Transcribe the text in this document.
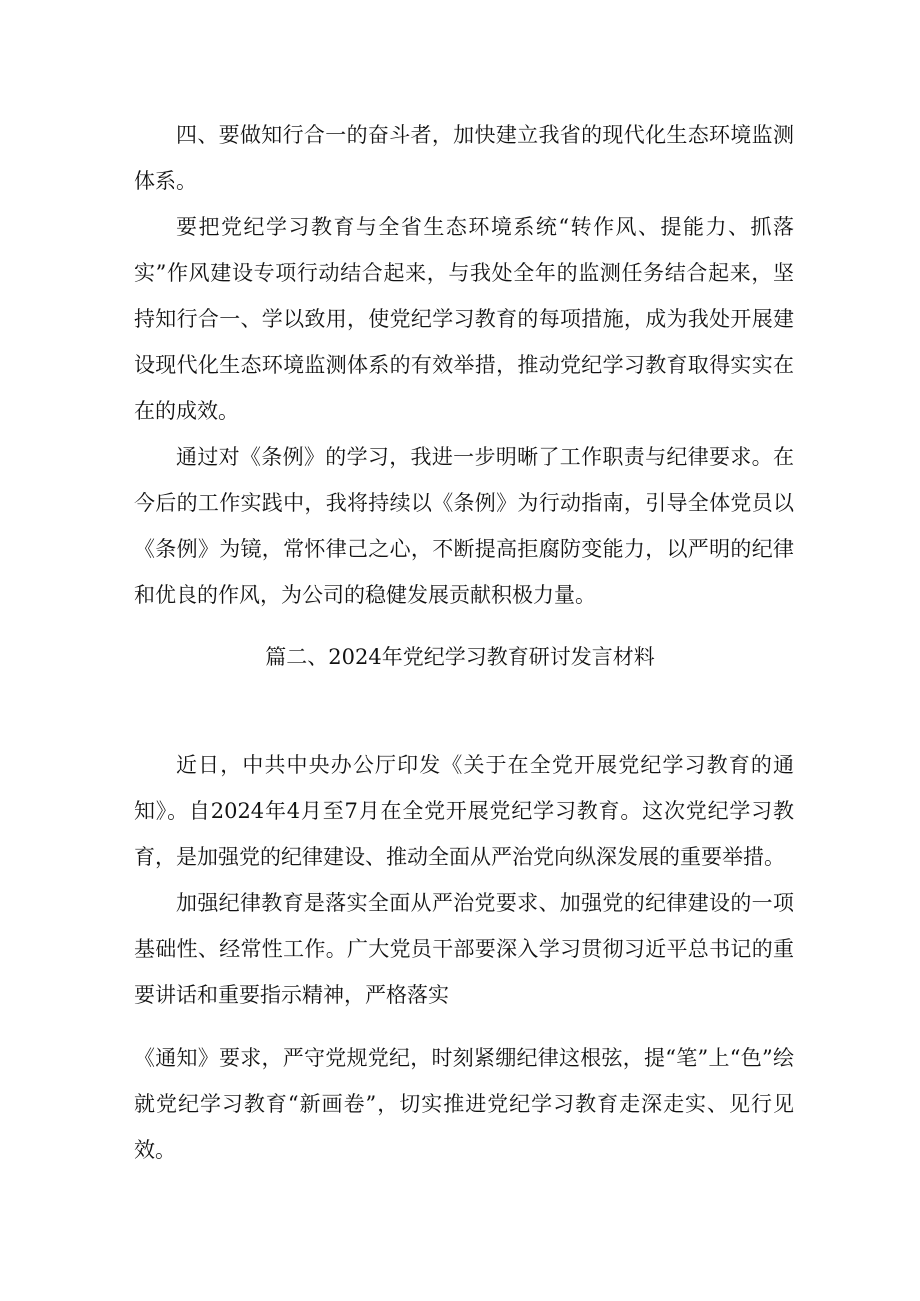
四、要做知行合一的奋斗者，加快建立我省的现代化生态环境监测体系。

要把党纪学习教育与全省生态环境系统“转作风、提能力、抓落实”作风建设专项行动结合起来，与我处全年的监测任务结合起来，坚持知行合一、学以致用，使党纪学习教育的每项措施，成为我处开展建设现代化生态环境监测体系的有效举措，推动党纪学习教育取得实实在在的成效。

通过对《条例》的学习，我进一步明晰了工作职责与纪律要求。在今后的工作实践中，我将持续以《条例》为行动指南，引导全体党员以《条例》为镜，常怀律己之心，不断提高拒腐防变能力，以严明的纪律和优良的作风，为公司的稳健发展贡献积极力量。

篇二、2024年党纪学习教育研讨发言材料

近日，中共中央办公厅印发《关于在全党开展党纪学习教育的通知》。自2024年4月至7月在全党开展党纪学习教育。这次党纪学习教育，是加强党的纪律建设、推动全面从严治党向纵深发展的重要举措。

加强纪律教育是落实全面从严治党要求、加强党的纪律建设的一项基础性、经常性工作。广大党员干部要深入学习贯彻习近平总书记的重要讲话和重要指示精神，严格落实

《通知》要求，严守党规党纪，时刻紧绷纪律这根弦，提“笔”上“色”绘就党纪学习教育“新画卷”，切实推进党纪学习教育走深走实、见行见效。
